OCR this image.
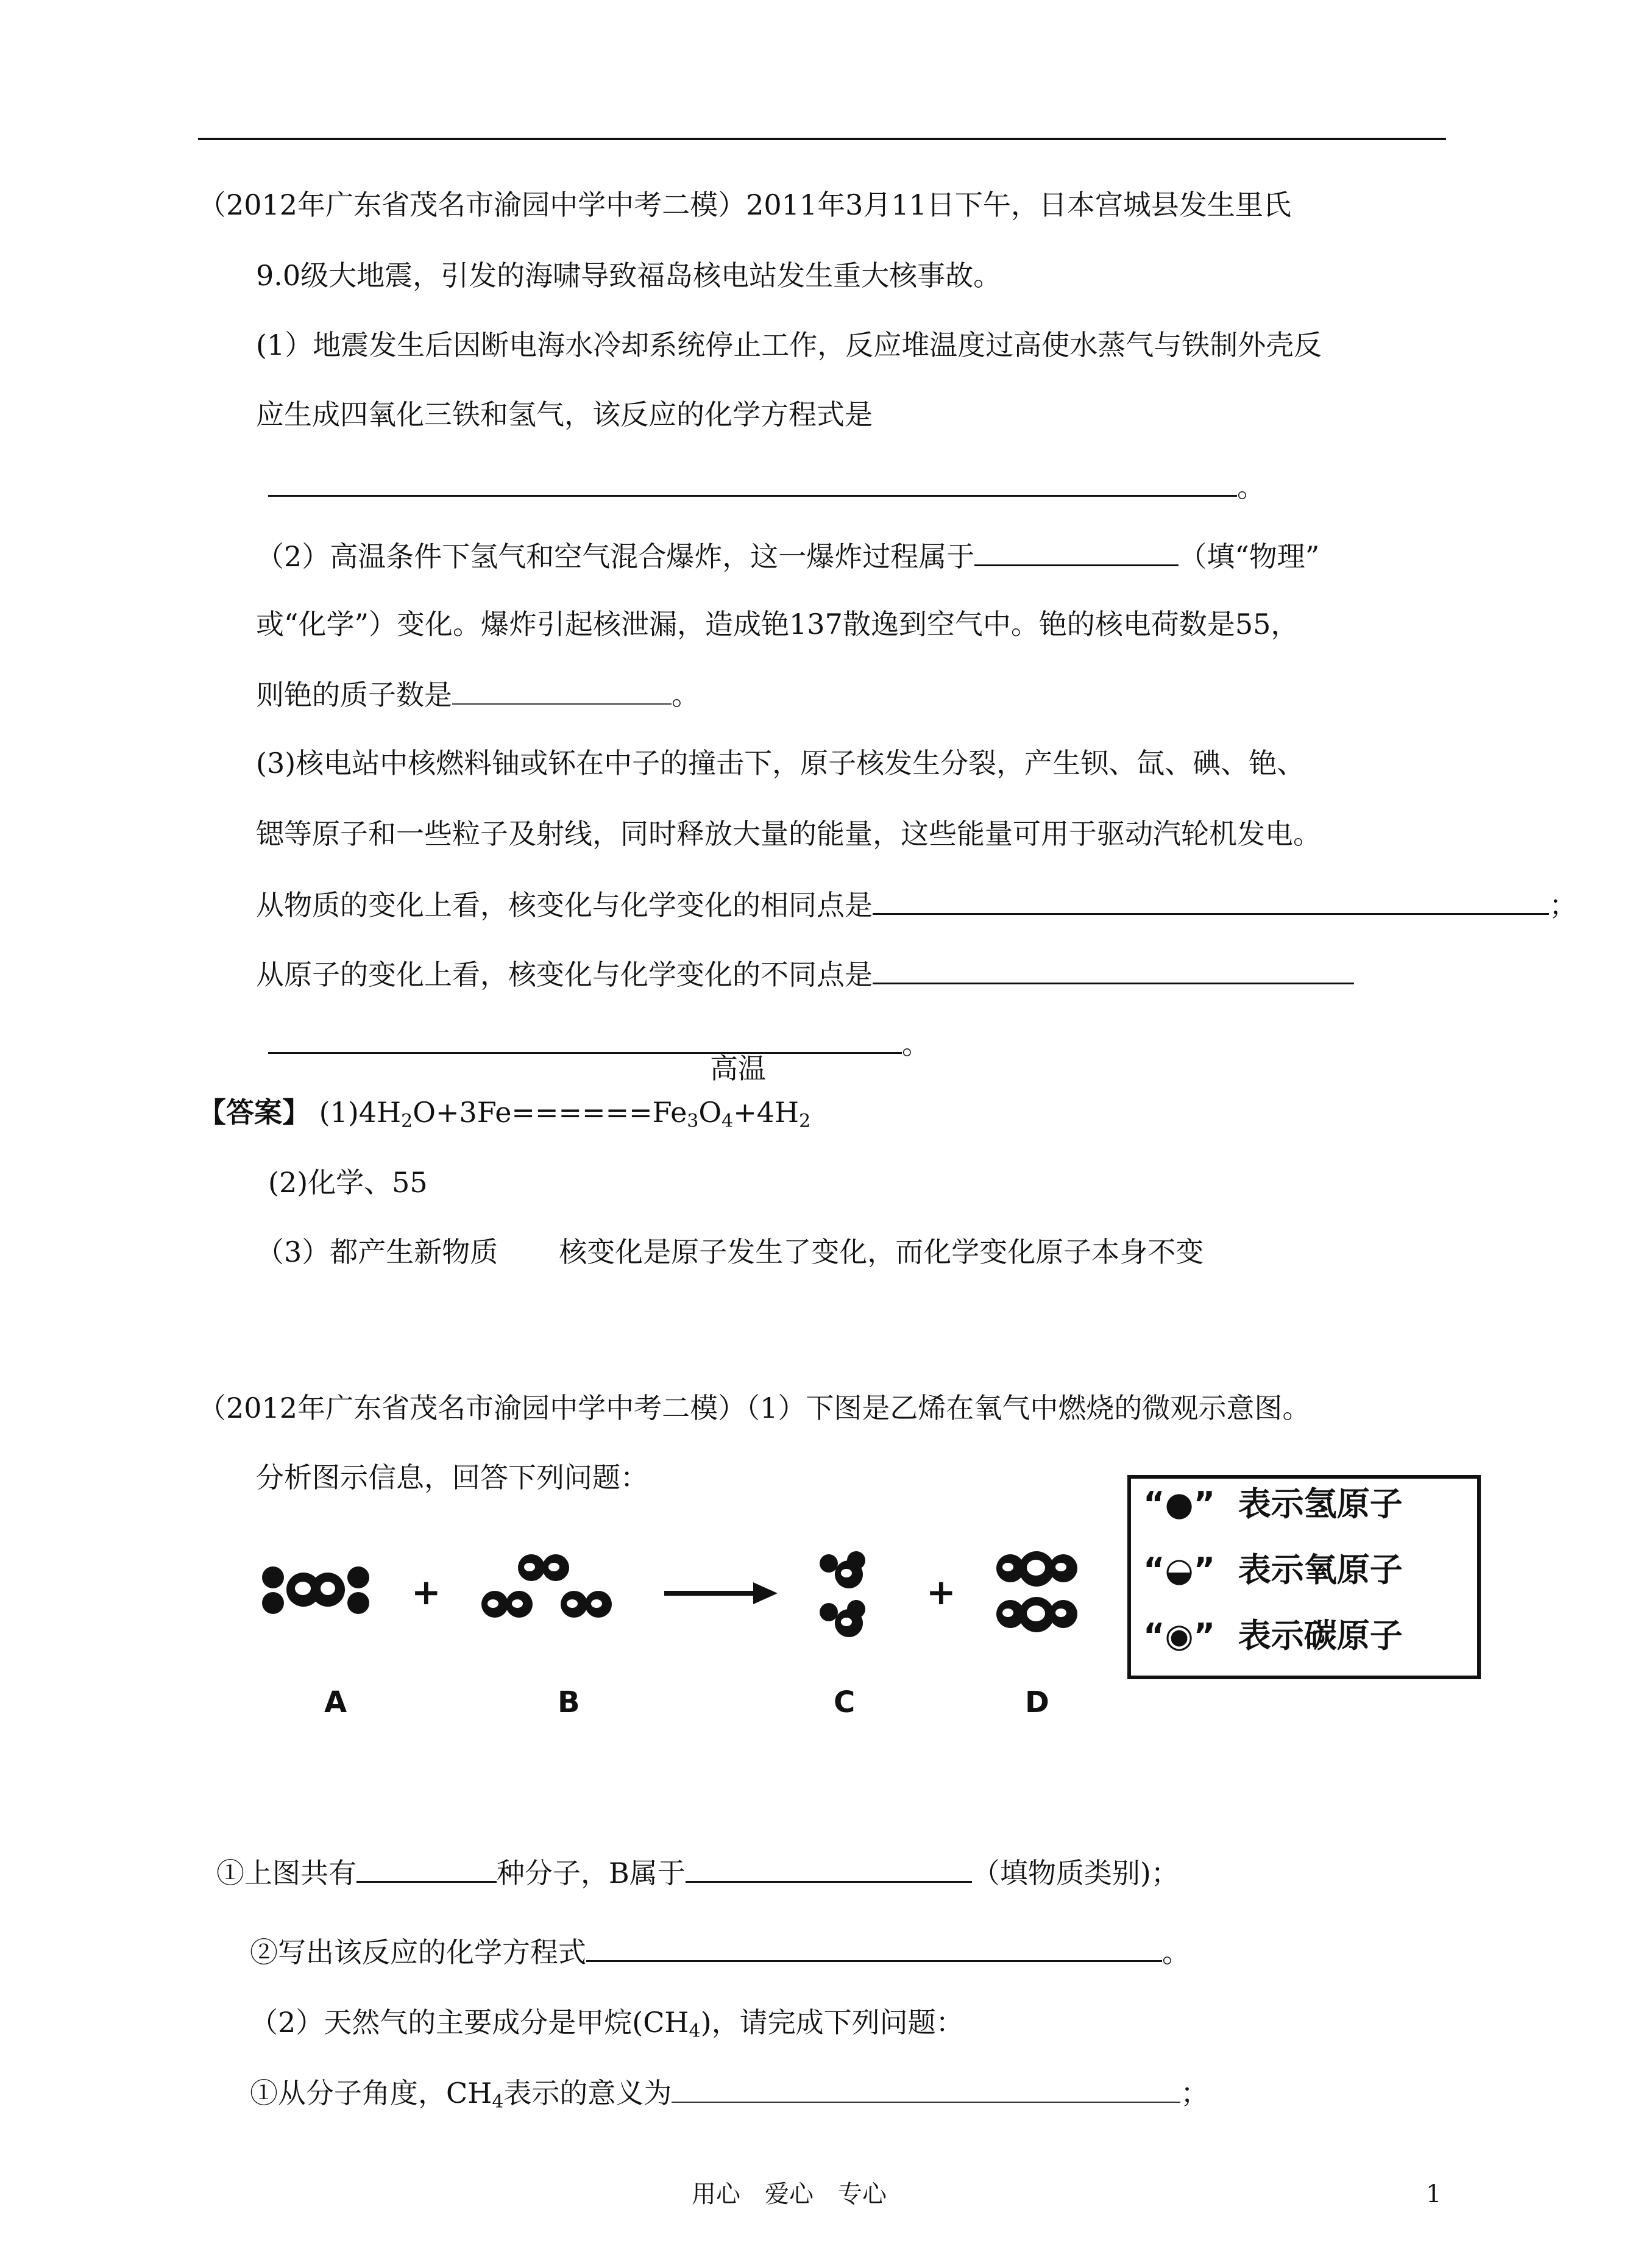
（2012年广东省茂名市渝园中学中考二模）2011年3月11日下午，日本宫城县发生里氏
9.0级大地震，引发的海啸导致福岛核电站发生重大核事故。
(1）地震发生后因断电海水冷却系统停止工作，反应堆温度过高使水蒸气与铁制外壳反
应生成四氧化三铁和氢气，该反应的化学方程式是
。
（2）高温条件下氢气和空气混合爆炸，这一爆炸过程属于	（填“物理”
或“化学”）变化。爆炸引起核泄漏，造成铯137散逸到空气中。铯的核电荷数是55，
则铯的质子数是	。
(3)核电站中核燃料铀或钚在中子的撞击下，原子核发生分裂，产生钡、氙、碘、铯、
锶等原子和一些粒子及射线，同时释放大量的能量，这些能量可用于驱动汽轮机发电。
从物质的变化上看，核变化与化学变化的相同点是	；
从原子的变化上看，核变化与化学变化的不同点是
。
高温
【答案】 $(1)4H_2O+3Fe======Fe_3O_4+4H_2$
(2)化学、55
（3）都产生新物质 核变化是原子发生了变化，而化学变化原子本身不变
（2012年广东省茂名市渝园中学中考二模）（1）下图是乙烯在氧气中燃烧的微观示意图。
分析图示信息，回答下列问题：
+	+
A	B	C	D
“●” 表示氢原子
“◒” 表示氧原子
“◉” 表示碳原子
①上图共有	种分子，B属于	（填物质类别)；
②写出该反应的化学方程式	。
（2）天然气的主要成分是甲烷$(CH_4)$，请完成下列问题：
①从分子角度，$CH_4$表示的意义为	；
用心　爱心　专心	1
